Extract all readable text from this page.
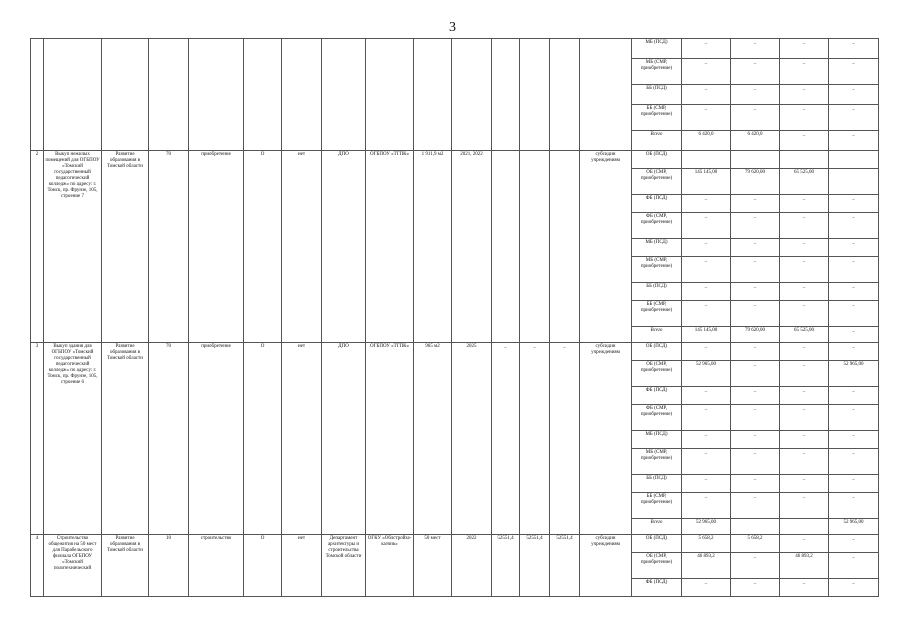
3
															МБ (ПСД)	_	_	_	_
															МБ (СМР, приобретение)	_	_	_	_
															ББ (ПСД)	_	_	_	_
															ББ (СМР, приобретение)	_	_	_	_
															Всего	6 420,0	6 420,0	_	_
2	Выкуп нежилых помещений для ОГБПОУ «Томский государственный педагогический колледж» по адресу: г. Томск, пр. Фрунзе, 105, строение 7	Развитие образования в Томской области	70	приобретение	О	нет	ДПО	ОГБПОУ «ТГПК»	1 911,9 м2	2021, 2022				субсидии учреждениям	ОБ (ПСД)				
															ОБ (СМР, приобретение)	145 145,00	79 620,00	65 525,00	
															ФБ (ПСД)	_	_	_	_
															ФБ (СМР, приобретение)	_	_	_	_
															МБ (ПСД)	_	_	_	_
															МБ (СМР, приобретение)	_	_	_	_
															ББ (ПСД)	_	_	_	_
															ББ (СМР, приобретение)	_	_	_	_
															Всего	145 145,00	79 620,00	65 525,00	_
3	Выкуп здания для ОГБПОУ «Томский государственный педагогический колледж» по адресу: г. Томск, пр. Фрунзе, 105, строение 6	Развитие образования в Томской области	70	приобретение	О	нет	ДПО	ОГБПОУ «ТГПК»	965 м2	2025	_	_	_	субсидии учреждениям	ОБ (ПСД)	_	_	_	_
															ОБ (СМР, приобретение)	52 965,00	_	_	52 965,00
															ФБ (ПСД)	_	_	_	_
															ФБ (СМР, приобретение)	_	_	_	_
															МБ (ПСД)	_	_	_	_
															МБ (СМР, приобретение)	_	_	_	_
															ББ (ПСД)	_	_	_	_
															ББ (СМР, приобретение)	_	_	_	_
															Всего	52 965,00			52 965,00
4	Строительство общежития на 50 мест для Парабельского филиала ОГБПОУ «Томский политехнический	Развитие образования в Томской области	10	строительство	О	нет	Департамент архитектуры и строительства Томской области	ОГКУ «Облстройза-казчик»	50 мест	2022	52551,4	52551,4	52551,4	субсидии учреждениям	ОБ (ПСД)	5 658,2	5 658,2	_	_
															ОБ (СМР, приобретение)	46 893,2	_	46 893,2	_
															ФБ (ПСД)	_	_	_	_
